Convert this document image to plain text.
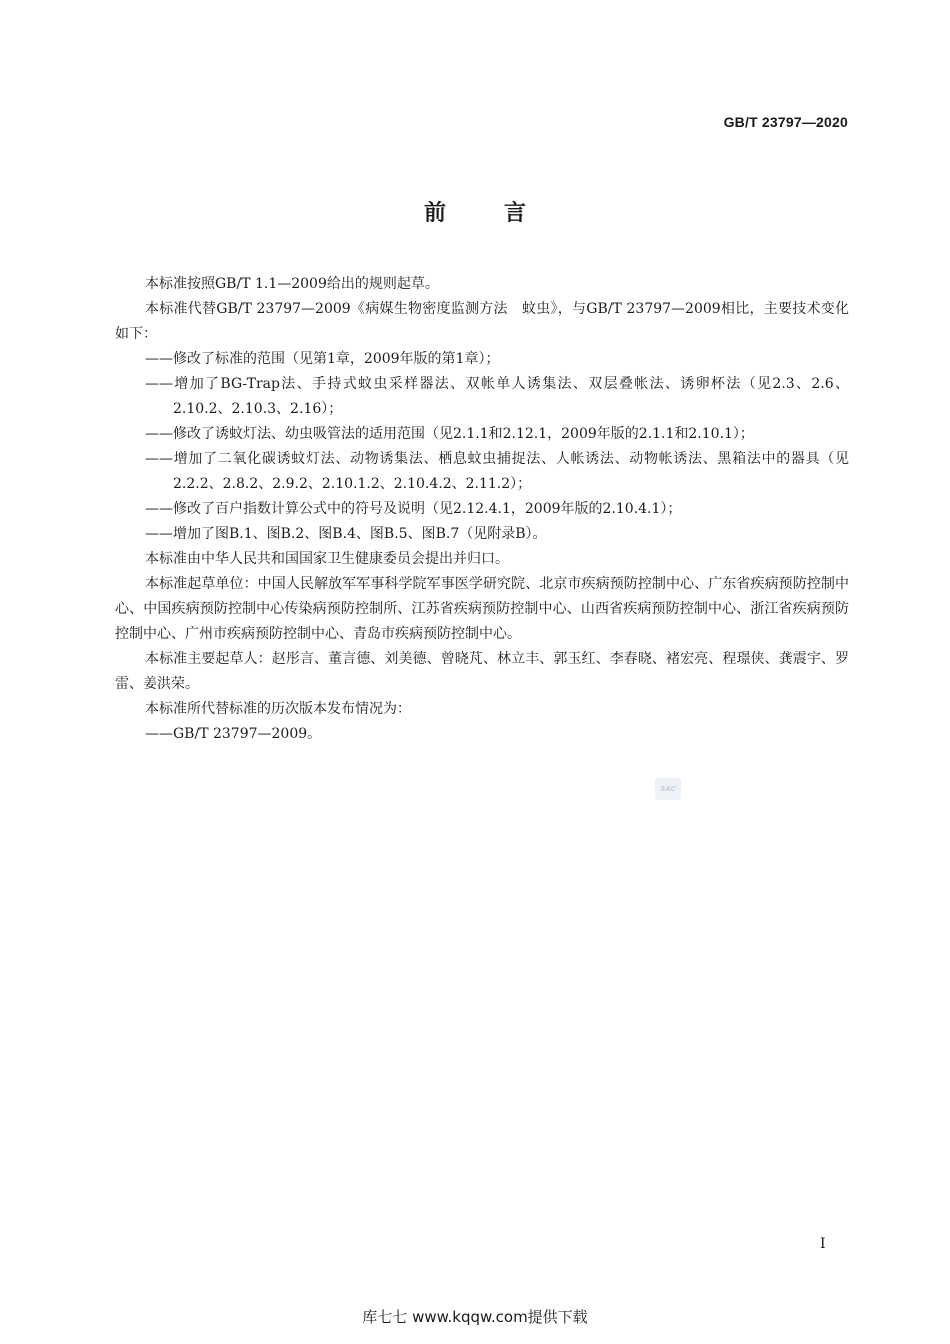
GB/T 23797—2020
前言

本标准按照GB/T 1.1—2009给出的规则起草。

本标准代替GB/T 23797—2009《病媒生物密度监测方法　蚊虫》，与GB/T 23797—2009相比，主要技术变化如下：

——修改了标准的范围（见第1章，2009年版的第1章）；

——增加了BG-Trap法、手持式蚊虫采样器法、双帐单人诱集法、双层叠帐法、诱卵杯法（见2.3、2.6、2.10.2、2.10.3、2.16）；

——修改了诱蚊灯法、幼虫吸管法的适用范围（见2.1.1和2.12.1，2009年版的2.1.1和2.10.1）；

——增加了二氧化碳诱蚊灯法、动物诱集法、栖息蚊虫捕捉法、人帐诱法、动物帐诱法、黑箱法中的器具（见2.2.2、2.8.2、2.9.2、2.10.1.2、2.10.4.2、2.11.2）；

——修改了百户指数计算公式中的符号及说明（见2.12.4.1，2009年版的2.10.4.1）；

——增加了图B.1、图B.2、图B.4、图B.5、图B.7（见附录B）。

本标准由中华人民共和国国家卫生健康委员会提出并归口。

本标准起草单位：中国人民解放军军事科学院军事医学研究院、北京市疾病预防控制中心、广东省疾病预防控制中心、中国疾病预防控制中心传染病预防控制所、江苏省疾病预防控制中心、山西省疾病预防控制中心、浙江省疾病预防控制中心、广州市疾病预防控制中心、青岛市疾病预防控制中心。

本标准主要起草人：赵彤言、董言德、刘美德、曾晓芃、林立丰、郭玉红、李春晓、褚宏亮、程璟侠、龚震宇、罗雷、姜洪荣。

本标准所代替标准的历次版本发布情况为：

——GB/T 23797—2009。

SAC
I
库七七 www.kqqw.com提供下载
